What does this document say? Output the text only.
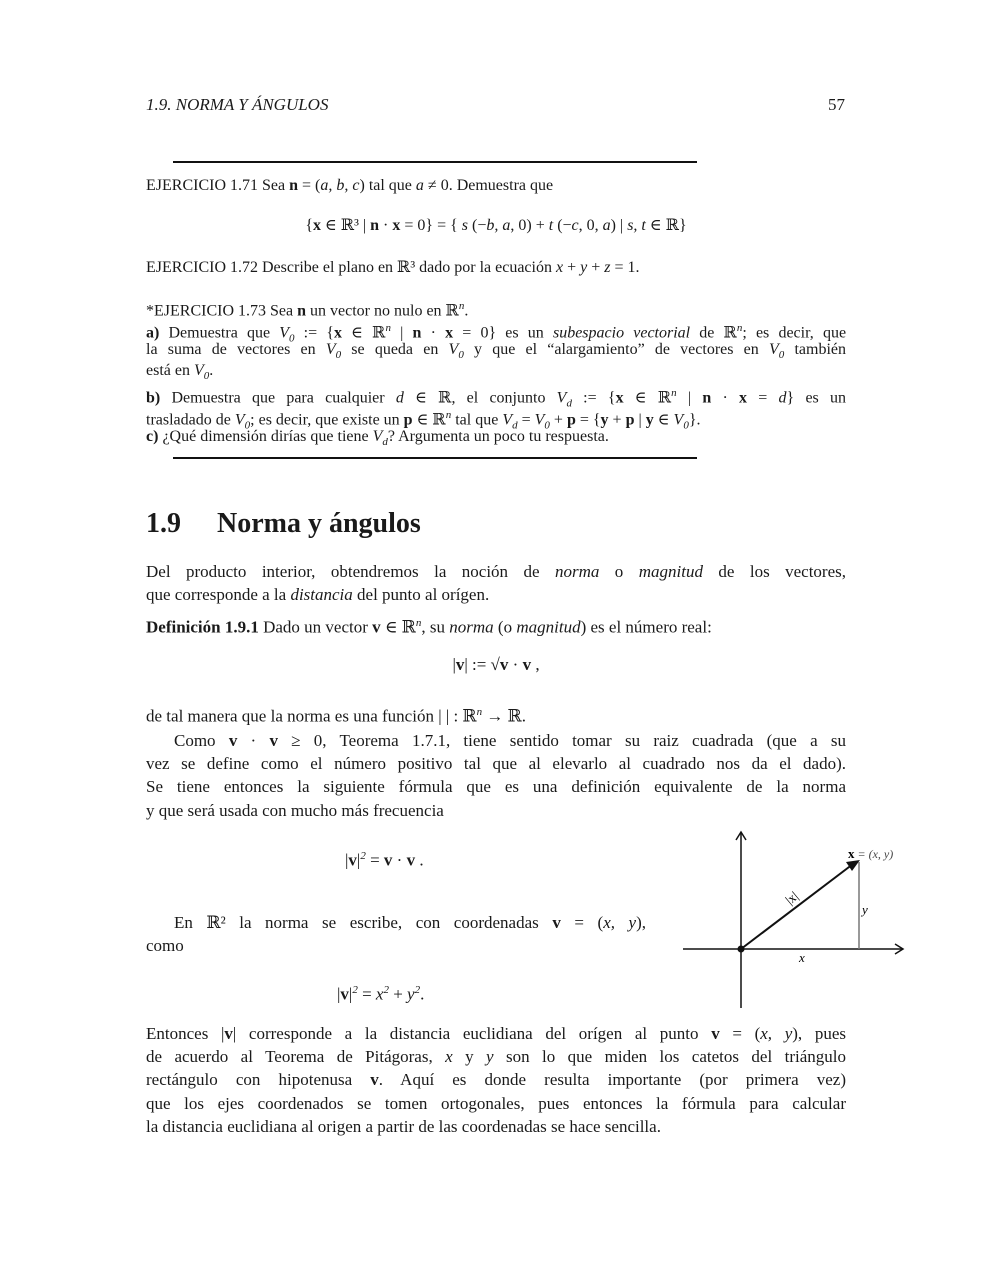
1.9. NORMA Y ÁNGULOS	57
1.9 Norma y ángulos
EJERCICIO 1.71 Sea n = (a, b, c) tal que a ≠ 0. Demuestra que
{x ∈ ℝ³ | n · x = 0} = { s (−b, a, 0) + t (−c, 0, a) | s, t ∈ ℝ}
EJERCICIO 1.72 Describe el plano en ℝ³ dado por la ecuación x + y + z = 1.
*EJERCICIO 1.73 Sea n un vector no nulo en ℝ$^n$.
a) Demuestra que $V_0$ := {x ∈ ℝ$^n$ | n · x = 0} es un subespacio vectorial de ℝ$^n$; es decir, que
la suma de vectores en $V_0$ se queda en $V_0$ y que el “alargamiento” de vectores en $V_0$ también
está en $V_0$.
b) Demuestra que para cualquier d ∈ ℝ, el conjunto $V_d$ := {x ∈ ℝ$^n$ | n · x = d} es un
trasladado de $V_0$; es decir, que existe un p ∈ ℝ$^n$ tal que $V_d = V_0 + p = \{y + p$ | y ∈ $V_0$}.
c) ¿Qué dimensión dirías que tiene $V_d$? Argumenta un poco tu respuesta.
Del producto interior, obtendremos la noción de norma o magnitud de los vectores,
que corresponde a la distancia del punto al orígen.
Definición 1.9.1 Dado un vector v ∈ ℝ$^n$, su norma (o magnitud) es el número real:
|v| := √v · v ,
de tal manera que la norma es una función | | : ℝ$^n$ → ℝ.
Como v · v ≥ 0, Teorema 1.7.1, tiene sentido tomar su raiz cuadrada (que a su
vez se define como el número positivo tal que al elevarlo al cuadrado nos da el dado).
Se tiene entonces la siguiente fórmula que es una definición equivalente de la norma
y que será usada con mucho más frecuencia
$|v|^2 = v \cdot v$ .
En ℝ² la norma se escribe, con coordenadas v = (x, y),
como
$|v|^2 = x^2 + y^2$.
Entonces |v| corresponde a la distancia euclidiana del orígen al punto v = (x, y), pues
de acuerdo al Teorema de Pitágoras, x y y son lo que miden los catetos del triángulo
rectángulo con hipotenusa v. Aquí es donde resulta importante (por primera vez)
que los ejes coordenados se tomen ortogonales, pues entonces la fórmula para calcular
la distancia euclidiana al origen a partir de las coordenadas se hace sencilla.
x = (x, y)
|x|
y
x
